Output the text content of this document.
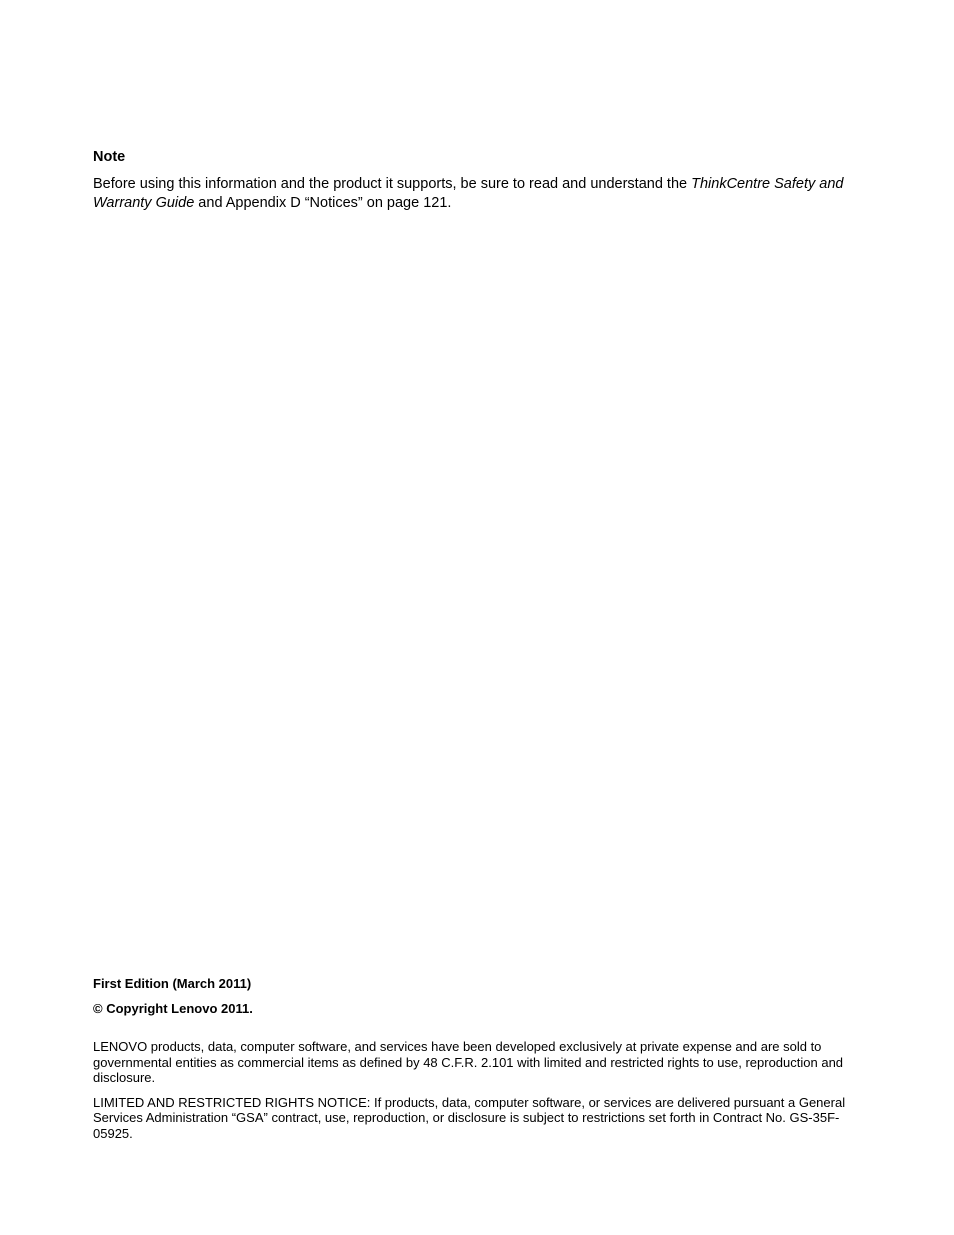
Note

Before using this information and the product it supports, be sure to read and understand the ThinkCentre Safety and Warranty Guide and Appendix D “Notices” on page 121.

First Edition (March 2011)
© Copyright Lenovo 2011.

LENOVO products, data, computer software, and services have been developed exclusively at private expense and are sold to governmental entities as commercial items as defined by 48 C.F.R. 2.101 with limited and restricted rights to use, reproduction and disclosure.

LIMITED AND RESTRICTED RIGHTS NOTICE: If products, data, computer software, or services are delivered pursuant a General Services Administration “GSA” contract, use, reproduction, or disclosure is subject to restrictions set forth in Contract No. GS-35F-05925.
